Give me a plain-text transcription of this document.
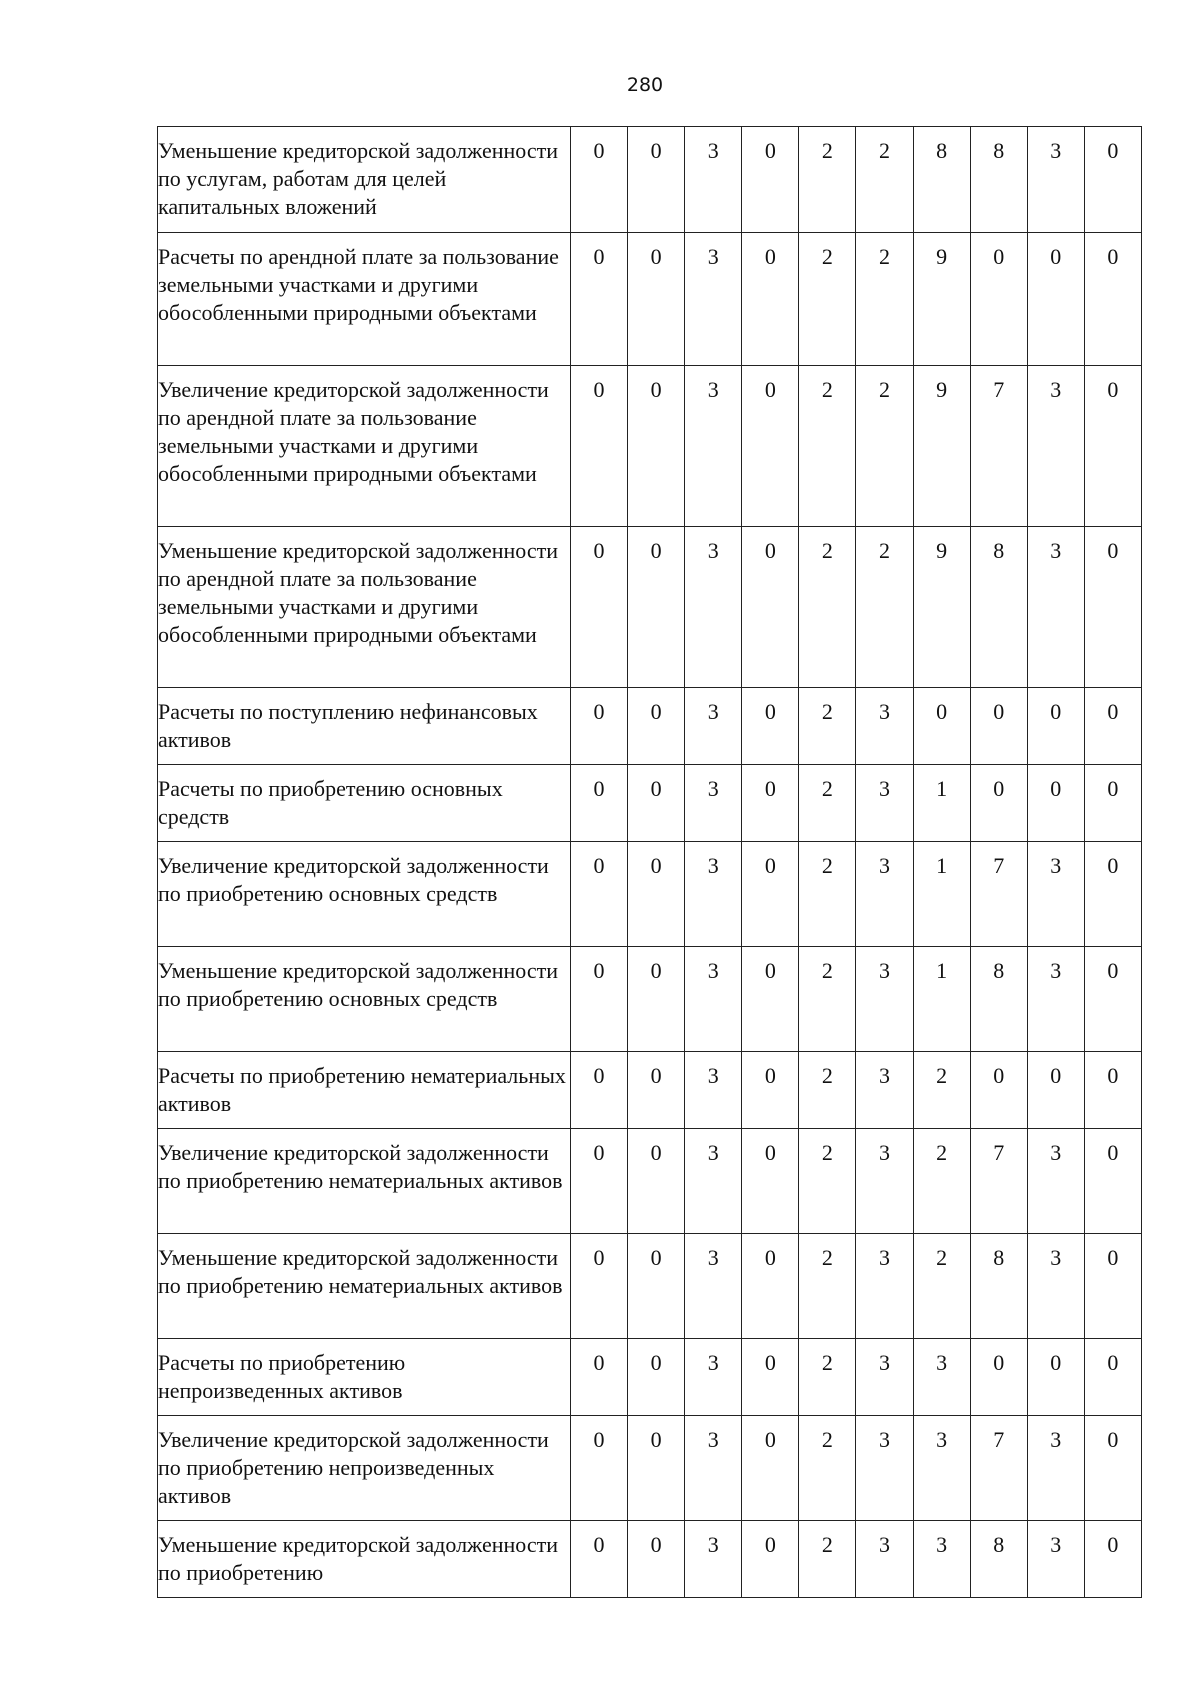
280
Уменьшение кредиторской задолженности по услугам, работам для целей капитальных вложений	0	0	3	0	2	2	8	8	3	0
Расчеты по арендной плате за пользование земельными участками и другими обособленными природными объектами	0	0	3	0	2	2	9	0	0	0
Увеличение кредиторской задолженности по арендной плате за пользование земельными участками и другими обособленными природными объектами	0	0	3	0	2	2	9	7	3	0
Уменьшение кредиторской задолженности по арендной плате за пользование земельными участками и другими обособленными природными объектами	0	0	3	0	2	2	9	8	3	0
Расчеты по поступлению нефинансовых активов	0	0	3	0	2	3	0	0	0	0
Расчеты по приобретению основных средств	0	0	3	0	2	3	1	0	0	0
Увеличение кредиторской задолженности по приобретению основных средств	0	0	3	0	2	3	1	7	3	0
Уменьшение кредиторской задолженности по приобретению основных средств	0	0	3	0	2	3	1	8	3	0
Расчеты по приобретению нематериальных активов	0	0	3	0	2	3	2	0	0	0
Увеличение кредиторской задолженности по приобретению нематериальных активов	0	0	3	0	2	3	2	7	3	0
Уменьшение кредиторской задолженности по приобретению нематериальных активов	0	0	3	0	2	3	2	8	3	0
Расчеты по приобретению непроизведенных активов	0	0	3	0	2	3	3	0	0	0
Увеличение кредиторской задолженности по приобретению непроизведенных активов	0	0	3	0	2	3	3	7	3	0
Уменьшение кредиторской задолженности по приобретению	0	0	3	0	2	3	3	8	3	0
